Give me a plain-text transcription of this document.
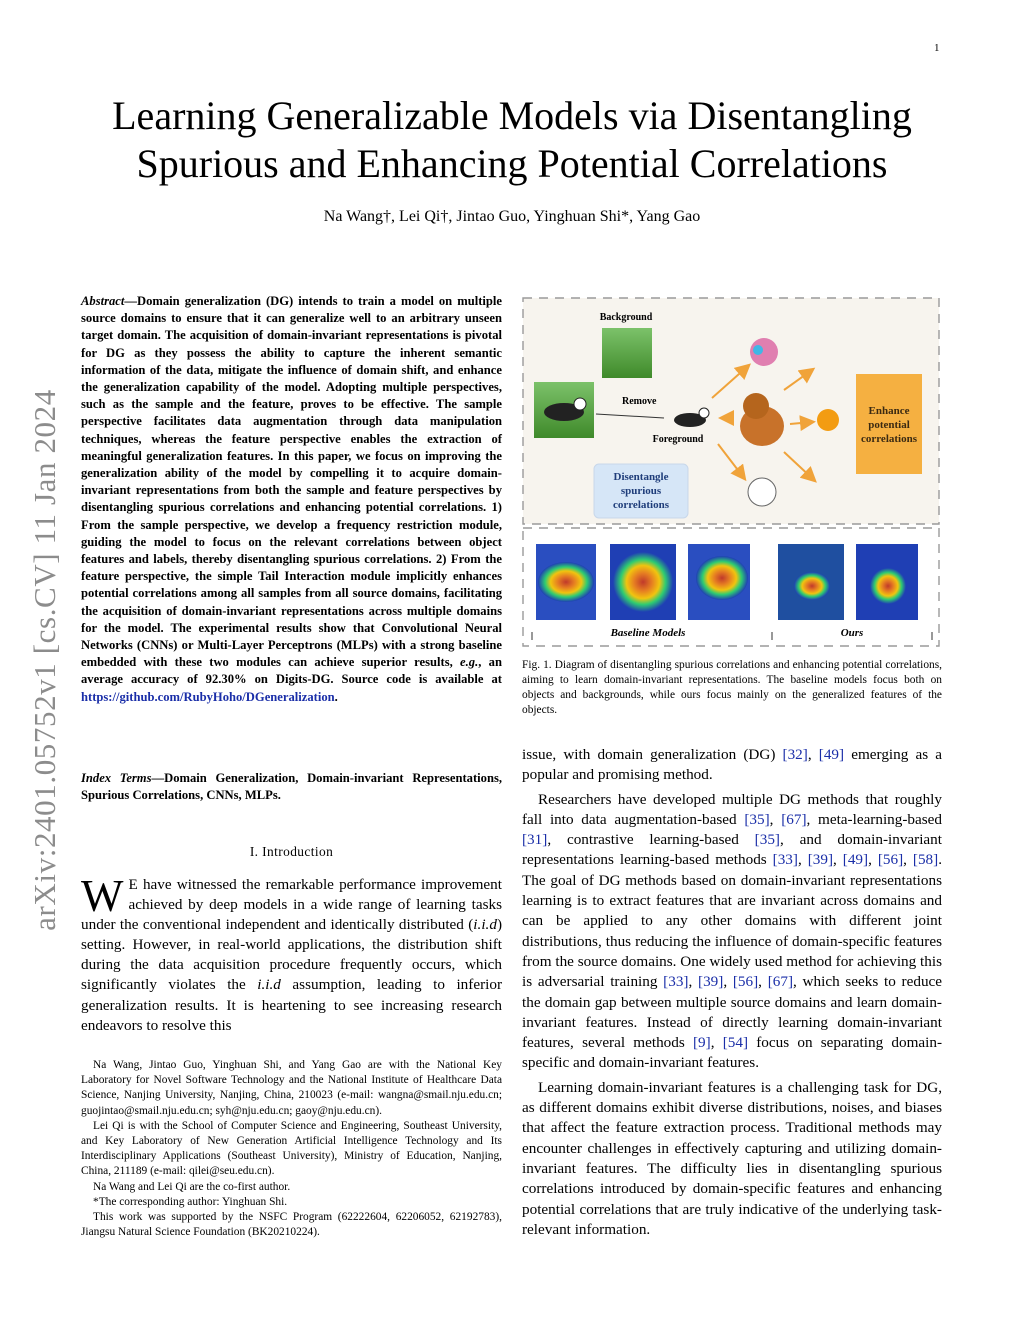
1
arXiv:2401.05752v1 [cs.CV] 11 Jan 2024
Learning Generalizable Models via Disentangling
Spurious and Enhancing Potential Correlations
Na Wang†, Lei Qi†, Jintao Guo, Yinghuan Shi*, Yang Gao
Abstract—Domain generalization (DG) intends to train a model on multiple source domains to ensure that it can generalize well to an arbitrary unseen target domain. The acquisition of domain-invariant representations is pivotal for DG as they possess the ability to capture the inherent semantic information of the data, mitigate the influence of domain shift, and enhance the generalization capability of the model. Adopting multiple perspectives, such as the sample and the feature, proves to be effective. The sample perspective facilitates data augmentation through data manipulation techniques, whereas the feature perspective enables the extraction of meaningful generalization features. In this paper, we focus on improving the generalization ability of the model by compelling it to acquire domain-invariant representations from both the sample and feature perspectives by disentangling spurious correlations and enhancing potential correlations. 1) From the sample perspective, we develop a frequency restriction module, guiding the model to focus on the relevant correlations between object features and labels, thereby disentangling spurious correlations. 2) From the feature perspective, the simple Tail Interaction module implicitly enhances potential correlations among all samples from all source domains, facilitating the acquisition of domain-invariant representations across multiple domains for the model. The experimental results show that Convolutional Neural Networks (CNNs) or Multi-Layer Perceptrons (MLPs) with a strong baseline embedded with these two modules can achieve superior results, e.g., an average accuracy of 92.30% on Digits-DG. Source code is available at https://github.com/RubyHoho/DGeneralization.
Index Terms—Domain Generalization, Domain-invariant Representations, Spurious Correlations, CNNs, MLPs.
I. Introduction
W E have witnessed the remarkable performance improvement achieved by deep models in a wide range of learning tasks under the conventional independent and identically distributed (i.i.d) setting. However, in real-world applications, the distribution shift during the data acquisition procedure frequently occurs, which significantly violates the i.i.d assumption, leading to inferior generalization results. It is heartening to see increasing research endeavors to resolve this

Na Wang, Jintao Guo, Yinghuan Shi, and Yang Gao are with the National Key Laboratory for Novel Software Technology and the National Institute of Healthcare Data Science, Nanjing University, Nanjing, China, 210023 (e-mail: wangna@smail.nju.edu.cn; guojintao@smail.nju.edu.cn; syh@nju.edu.cn; gaoy@nju.edu.cn).

Lei Qi is with the School of Computer Science and Engineering, Southeast University, and Key Laboratory of New Generation Artificial Intelligence Technology and Its Interdisciplinary Applications (Southeast University), Ministry of Education, Nanjing, China, 211189 (e-mail: qilei@seu.edu.cn).

Na Wang and Lei Qi are the co-first author.

*The corresponding author: Yinghuan Shi.

This work was supported by the NSFC Program (62222604, 62206052, 62192783), Jiangsu Natural Science Foundation (BK20210224).

Background
Remove
Foreground
Disentangle
spurious
correlations
Enhance
potential
correlations
Baseline Models	Ours
Fig. 1. Diagram of disentangling spurious correlations and enhancing potential correlations, aiming to learn domain-invariant representations. The baseline models focus both on objects and backgrounds, while ours focus mainly on the generalized features of the objects.

issue, with domain generalization (DG) [32], [49] emerging as a popular and promising method.

Researchers have developed multiple DG methods that roughly fall into data augmentation-based [35], [67], meta-learning-based [31], contrastive learning-based [35], and domain-invariant representations learning-based methods [33], [39], [49], [56], [58]. The goal of DG methods based on domain-invariant representations learning is to extract features that are invariant across domains and can be applied to any other domains with different joint distributions, thus reducing the influence of domain-specific features from the source domains. One widely used method for achieving this is adversarial training [33], [39], [56], [67], which seeks to reduce the domain gap between multiple source domains and learn domain-invariant features. Instead of directly learning domain-invariant features, several methods [9], [54] focus on separating domain-specific and domain-invariant features.

Learning domain-invariant features is a challenging task for DG, as different domains exhibit diverse distributions, noises, and biases that affect the feature extraction process. Traditional methods may encounter challenges in effectively capturing and utilizing domain-invariant features. The difficulty lies in disentangling spurious correlations introduced by domain-specific features and enhancing potential correlations that are truly indicative of the underlying task-relevant information.
